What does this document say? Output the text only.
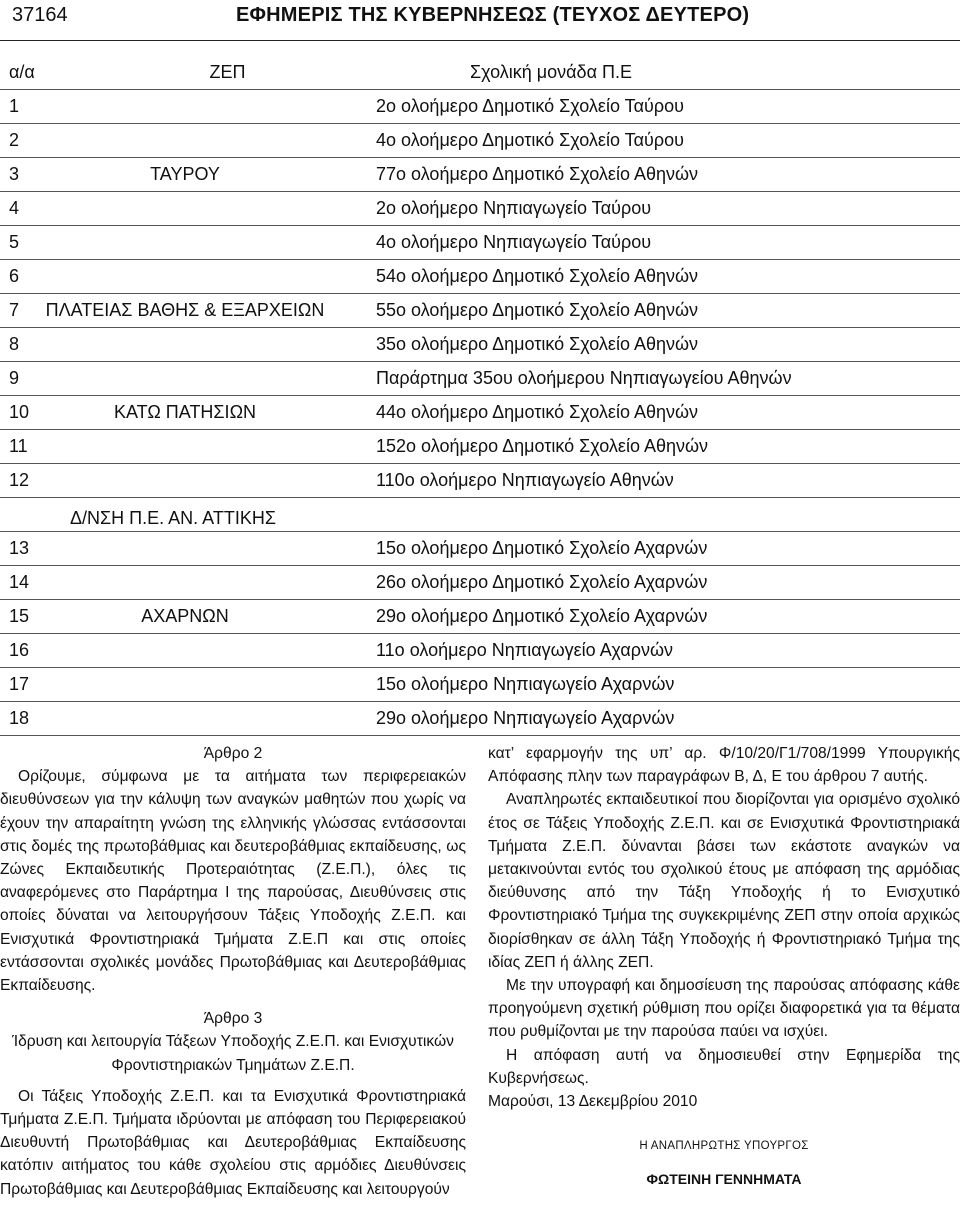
37164	ΕΦΗΜΕΡΙΣ ΤΗΣ ΚΥΒΕΡΝΗΣΕΩΣ (ΤΕΥΧΟΣ ΔΕΥΤΕΡΟ)
α/α	ΖΕΠ	Σχολική μονάδα Π.Ε
1	2ο ολοήμερο Δημοτικό Σχολείο Ταύρου
2	4ο ολοήμερο Δημοτικό Σχολείο Ταύρου
3	ΤΑΥΡΟΥ	77ο ολοήμερο Δημοτικό Σχολείο Αθηνών
4	2ο ολοήμερο Νηπιαγωγείο Ταύρου
5	4ο ολοήμερο Νηπιαγωγείο Ταύρου
6	54ο ολοήμερο Δημοτικό Σχολείο Αθηνών
7	ΠΛΑΤΕΙΑΣ ΒΑΘΗΣ & ΕΞΑΡΧΕΙΩΝ	55ο ολοήμερο Δημοτικό Σχολείο Αθηνών
8	35ο ολοήμερο Δημοτικό Σχολείο Αθηνών
9	Παράρτημα 35ου ολοήμερου Νηπιαγωγείου Αθηνών
10	ΚΑΤΩ ΠΑΤΗΣΙΩΝ	44ο ολοήμερο Δημοτικό Σχολείο Αθηνών
11	152ο ολοήμερο Δημοτικό Σχολείο Αθηνών
12	110ο ολοήμερο Νηπιαγωγείο Αθηνών
Δ/ΝΣΗ Π.Ε. ΑΝ. ΑΤΤΙΚΗΣ
13	15ο ολοήμερο Δημοτικό Σχολείο Αχαρνών
14	26ο ολοήμερο Δημοτικό Σχολείο Αχαρνών
15	ΑΧΑΡΝΩΝ	29ο ολοήμερο Δημοτικό Σχολείο Αχαρνών
16	11ο ολοήμερο Νηπιαγωγείο Αχαρνών
17	15ο ολοήμερο Νηπιαγωγείο Αχαρνών
18	29ο ολοήμερο Νηπιαγωγείο Αχαρνών

Άρθρο 2

Ορίζουμε, σύμφωνα με τα αιτήματα των περιφερειακών διευθύνσεων για την κάλυψη των αναγκών μαθητών που χωρίς να έχουν την απαραίτητη γνώση της ελληνικής γλώσσας εντάσσονται στις δομές της πρωτοβάθμιας και δευτεροβάθμιας εκπαίδευσης, ως Ζώνες Εκπαιδευτικής Προτεραιότητας (Ζ.Ε.Π.), όλες τις αναφερόμενες στο Παράρτημα Ι της παρούσας, Διευθύνσεις στις οποίες δύναται να λειτουργήσουν Τάξεις Υποδοχής Ζ.Ε.Π. και Ενισχυτικά Φροντιστηριακά Τμήματα Ζ.Ε.Π και στις οποίες εντάσσονται σχολικές μονάδες Πρωτοβάθμιας και Δευτεροβάθμιας Εκπαίδευσης.

Άρθρο 3

Ίδρυση και λειτουργία Τάξεων Υποδοχής Ζ.Ε.Π. και Ενισχυτικών Φροντιστηριακών Τμημάτων Ζ.Ε.Π.

Οι Τάξεις Υποδοχής Ζ.Ε.Π. και τα Ενισχυτικά Φροντιστηριακά Τμήματα Ζ.Ε.Π. Τμήματα ιδρύονται με απόφαση του Περιφερειακού Διευθυντή Πρωτοβάθμιας και Δευτεροβάθμιας Εκπαίδευσης κατόπιν αιτήματος του κάθε σχολείου στις αρμόδιες Διευθύνσεις Πρωτοβάθμιας και Δευτεροβάθμιας Εκπαίδευσης και λειτουργούν

κατ’ εφαρμογήν της υπ’ αρ. Φ/10/20/Γ1/708/1999 Υπουργικής Απόφασης πλην των παραγράφων Β, Δ, Ε του άρθρου 7 αυτής.

Αναπληρωτές εκπαιδευτικοί που διορίζονται για ορισμένο σχολικό έτος σε Τάξεις Υποδοχής Ζ.Ε.Π. και σε Ενισχυτικά Φροντιστηριακά Τμήματα Ζ.Ε.Π. δύνανται βάσει των εκάστοτε αναγκών να μετακινούνται εντός του σχολικού έτους με απόφαση της αρμόδιας διεύθυνσης από την Τάξη Υποδοχής ή το Ενισχυτικό Φροντιστηριακό Τμήμα της συγκεκριμένης ΖΕΠ στην οποία αρχικώς διορίσθηκαν σε άλλη Τάξη Υποδοχής ή Φροντιστηριακό Τμήμα της ιδίας ΖΕΠ ή άλλης ΖΕΠ.

Με την υπογραφή και δημοσίευση της παρούσας απόφασης κάθε προηγούμενη σχετική ρύθμιση που ορίζει διαφορετικά για τα θέματα που ρυθμίζονται με την παρούσα παύει να ισχύει.

Η απόφαση αυτή να δημοσιευθεί στην Εφημερίδα της Κυβερνήσεως.

Μαρούσι, 13 Δεκεμβρίου 2010

Η ΑΝΑΠΛΗΡΩΤΗΣ ΥΠΟΥΡΓΟΣ
ΦΩΤΕΙΝΗ ΓΕΝΝΗΜΑΤΑ
